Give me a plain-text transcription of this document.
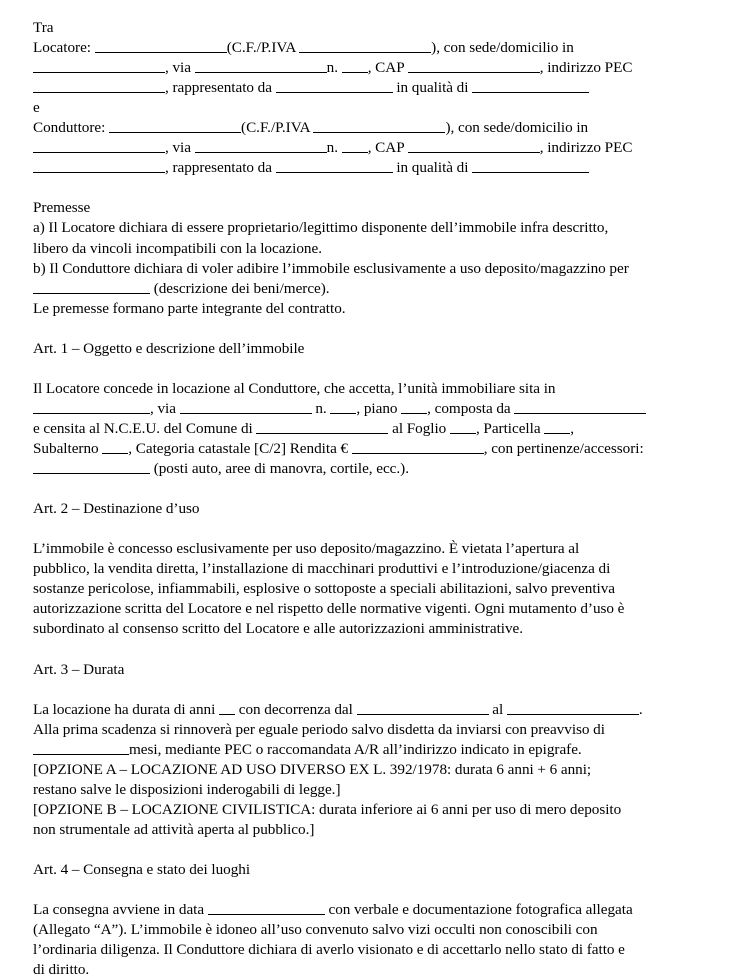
Tra
Locatore:	(C.F./P.IVA	), con sede/domicilio in
, via	n. , CAP	, indirizzo PEC
, rappresentato da	in qualità di
e
Conduttore:	(C.F./P.IVA	), con sede/domicilio in
, via	n. , CAP	, indirizzo PEC
, rappresentato da	in qualità di
Premesse
a) Il Locatore dichiara di essere proprietario/legittimo disponente dell’immobile infra descritto,
libero da vincoli incompatibili con la locazione.
b) Il Conduttore dichiara di voler adibire l’immobile esclusivamente a uso deposito/magazzino per
(descrizione dei beni/merce).
Le premesse formano parte integrante del contratto.
Art. 1 – Oggetto e descrizione dell’immobile
Il Locatore concede in locazione al Conduttore, che accetta, l’unità immobiliare sita in
, via	n. , piano , composta da
e censita al N.C.E.U. del Comune di	al Foglio , Particella ,
Subalterno , Categoria catastale [C/2] Rendita €	, con pertinenze/accessori:
(posti auto, aree di manovra, cortile, ecc.).
Art. 2 – Destinazione d’uso
L’immobile è concesso esclusivamente per uso deposito/magazzino. È vietata l’apertura al
pubblico, la vendita diretta, l’installazione di macchinari produttivi e l’introduzione/giacenza di
sostanze pericolose, infiammabili, esplosive o sottoposte a speciali abilitazioni, salvo preventiva
autorizzazione scritta del Locatore e nel rispetto delle normative vigenti. Ogni mutamento d’uso è
subordinato al consenso scritto del Locatore e alle autorizzazioni amministrative.
Art. 3 – Durata
La locazione ha durata di anni con decorrenza dal	al	.
Alla prima scadenza si rinnoverà per eguale periodo salvo disdetta da inviarsi con preavviso di
mesi, mediante PEC o raccomandata A/R all’indirizzo indicato in epigrafe.
[OPZIONE A – LOCAZIONE AD USO DIVERSO EX L. 392/1978: durata 6 anni + 6 anni;
restano salve le disposizioni inderogabili di legge.]
[OPZIONE B – LOCAZIONE CIVILISTICA: durata inferiore ai 6 anni per uso di mero deposito
non strumentale ad attività aperta al pubblico.]
Art. 4 – Consegna e stato dei luoghi
La consegna avviene in data	con verbale e documentazione fotografica allegata
(Allegato “A”). L’immobile è idoneo all’uso convenuto salvo vizi occulti non conoscibili con
l’ordinaria diligenza. Il Conduttore dichiara di averlo visionato e di accettarlo nello stato di fatto e
di diritto.
